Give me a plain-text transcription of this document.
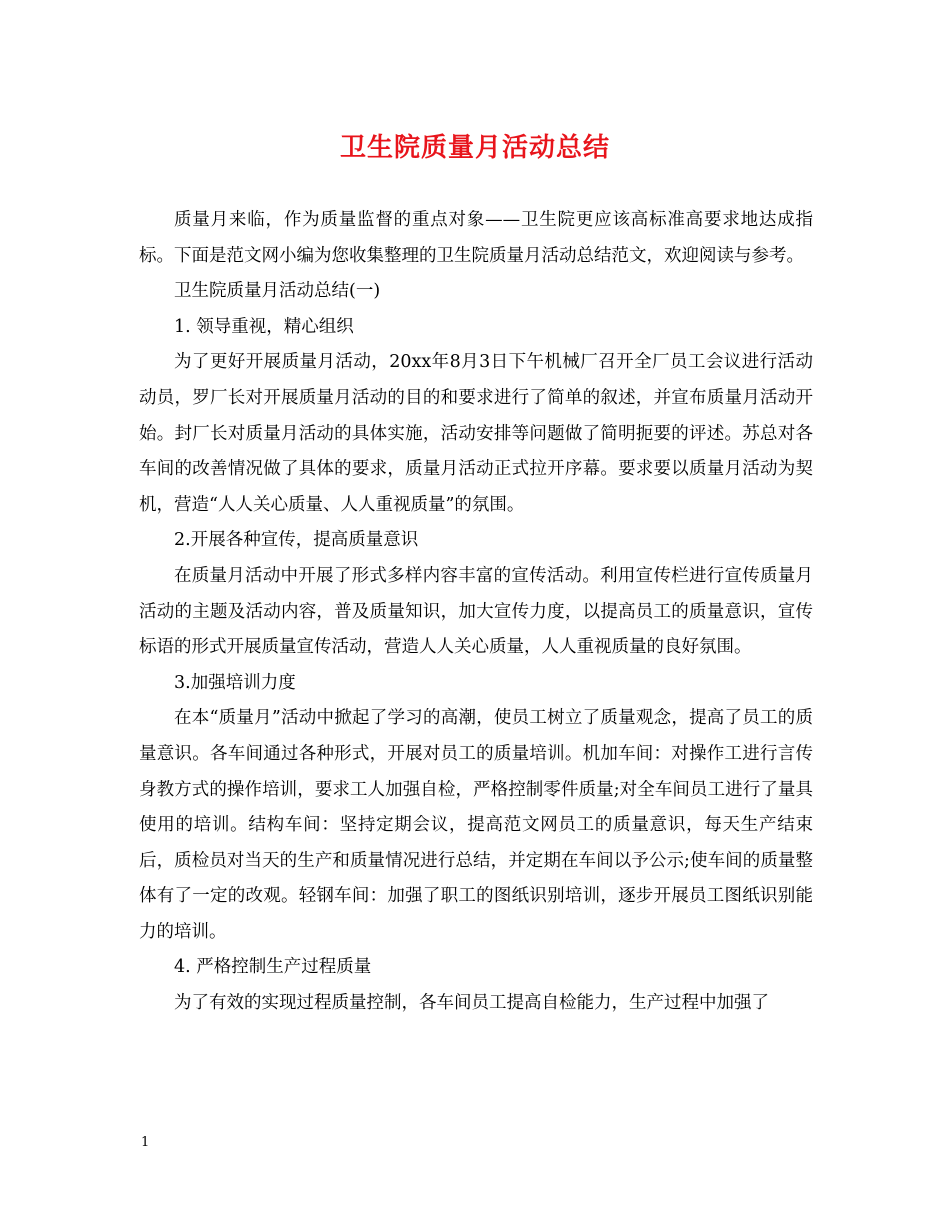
卫生院质量月活动总结

质量月来临，作为质量监督的重点对象——卫生院更应该高标准高要求地达成指标。下面是范文网小编为您收集整理的卫生院质量月活动总结范文，欢迎阅读与参考。

卫生院质量月活动总结(一)

1. 领导重视，精心组织

为了更好开展质量月活动，20xx年8月3日下午机械厂召开全厂员工会议进行活动动员，罗厂长对开展质量月活动的目的和要求进行了简单的叙述，并宣布质量月活动开始。封厂长对质量月活动的具体实施，活动安排等问题做了简明扼要的评述。苏总对各车间的改善情况做了具体的要求，质量月活动正式拉开序幕。要求要以质量月活动为契机，营造“人人关心质量、人人重视质量”的氛围。

2.开展各种宣传，提高质量意识

在质量月活动中开展了形式多样内容丰富的宣传活动。利用宣传栏进行宣传质量月活动的主题及活动内容，普及质量知识，加大宣传力度，以提高员工的质量意识，宣传标语的形式开展质量宣传活动，营造人人关心质量，人人重视质量的良好氛围。

3.加强培训力度

在本“质量月”活动中掀起了学习的高潮，使员工树立了质量观念，提高了员工的质量意识。各车间通过各种形式，开展对员工的质量培训。机加车间：对操作工进行言传身教方式的操作培训，要求工人加强自检，严格控制零件质量;对全车间员工进行了量具使用的培训。结构车间：坚持定期会议，提高范文网员工的质量意识，每天生产结束后，质检员对当天的生产和质量情况进行总结，并定期在车间以予公示;使车间的质量整体有了一定的改观。轻钢车间：加强了职工的图纸识别培训，逐步开展员工图纸识别能力的培训。

4. 严格控制生产过程质量

为了有效的实现过程质量控制，各车间员工提高自检能力，生产过程中加强了

1
